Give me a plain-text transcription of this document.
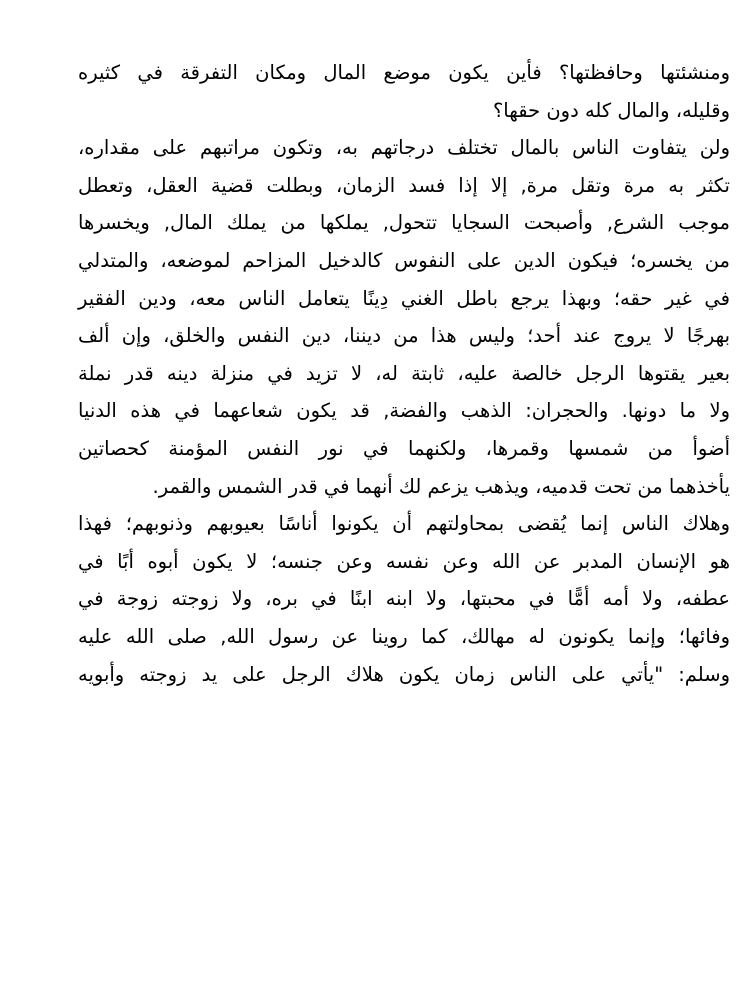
ومنشئتها وحافظتها؟ فأين يكون موضع المال ومكان التفرقة في كثيره
وقليله، والمال كله دون حقها؟
ولن يتفاوت الناس بالمال تختلف درجاتهم به، وتكون مراتبهم على مقداره،
تكثر به مرة وتقل مرة, إلا إذا فسد الزمان، وبطلت قضية العقل، وتعطل
موجب الشرع, وأصبحت السجايا تتحول, يملكها من يملك المال, ويخسرها
من يخسره؛ فيكون الدين على النفوس كالدخيل المزاحم لموضعه، والمتدلي
في غير حقه؛ وبهذا يرجع باطل الغني دِينًا يتعامل الناس معه، ودين الفقير
بهرجًا لا يروج عند أحد؛ وليس هذا من ديننا، دين النفس والخلق، وإن ألف
بعير يقتوها الرجل خالصة عليه، ثابتة له، لا تزيد في منزلة دينه قدر نملة
ولا ما دونها. والحجران: الذهب والفضة, قد يكون شعاعهما في هذه الدنيا
أضوأ من شمسها وقمرها، ولكنهما في نور النفس المؤمنة كحصاتين
يأخذهما من تحت قدميه، ويذهب يزعم لك أنهما في قدر الشمس والقمر.
وهلاك الناس إنما يُقضى بمحاولتهم أن يكونوا أناسًا بعيوبهم وذنوبهم؛ فهذا
هو الإنسان المدبر عن الله وعن نفسه وعن جنسه؛ لا يكون أبوه أبًا في
عطفه، ولا أمه أمًّا في محبتها، ولا ابنه ابنًا في بره، ولا زوجته زوجة في
وفائها؛ وإنما يكونون له مهالك، كما روينا عن رسول الله, صلى الله عليه
وسلم: "يأتي على الناس زمان يكون هلاك الرجل على يد زوجته وأبويه
